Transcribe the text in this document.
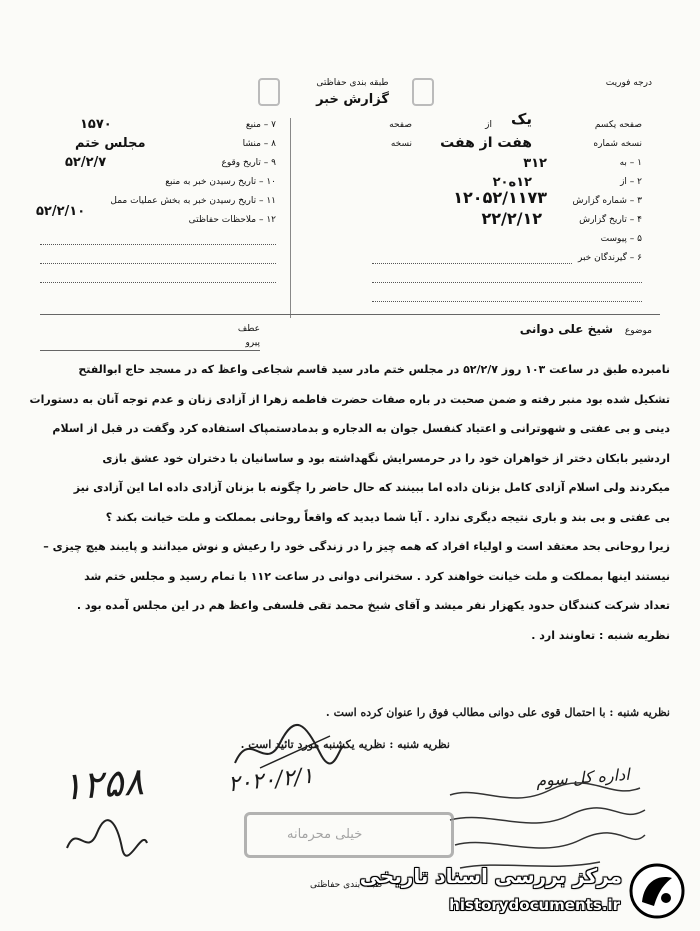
طبقه بندی حفاظتی
گزارش خبر
درجه فوریت
صفحه یکسم
یک
از
صفحه
نسخه شماره
هفت از هفت
نسخه
۱ – به
۳۱۲
۲ – از
۱۲ه۲۰
۳ – شماره گزارش
۱۲۰۵۲/۱۱۷۳
۴ – تاریخ گزارش
۲۲/۲/۱۲
۵ – پیوست
۶ – گیرندگان خبر
۷ – منبع
۱۵۷۰
۸ – منشا
مجلس ختم
۹ – تاریخ وقوع
۵۲/۲/۷
۱۰ – تاریخ رسیدن خبر به منبع
۱۱ – تاریخ رسیدن خبر به بخش عملیات ممل
۵۲/۲/۱۰
۱۲ – ملاحظات حفاظتی
عطف
پیرو
موضوع شیخ علی دوانی

نامبرده طبق در ساعت ۱۰۳ روز ۵۲/۲/۷ در مجلس ختم مادر سید قاسم شجاعی واعظ که در مسجد حاج ابوالفتح

تشکیل شده بود منبر رفته و ضمن صحبت در باره صفات حضرت فاطمه زهرا از آزادی زنان و عدم توجه آنان به دستورات

دینی و بی عفتی و شهوترانی و اعتیاد کنفسل جوان به الدجاره و بدمادستمپاک استفاده کرد وگفت در قبل از اسلام

اردشیر بابکان دختر از خواهران خود را در حرمسرایش نگهداشته بود و ساسانیان با دختران خود عشق بازی

میکردند ولی اسلام آزادی کامل بزنان داده اما ببینند که حال حاضر را چگونه با بزنان آزادی داده اما این آزادی نیز

بی عفتی و بی بند و باری نتیجه دیگری ندارد . آیا شما دیدید که واقعاً روحانی بمملکت و ملت خیانت بکند ؟

زیرا روحانی بحد معتقد است و اولیاء افراد که همه چیز را در زندگی خود را رعیش و نوش میدانند و پایبند هیچ چیزی –

نیستند اینها بمملکت و ملت خیانت خواهند کرد . سخنرانی دوانی در ساعت ۱۱۲ با تمام رسید و مجلس ختم شد

تعداد شرکت کنندگان حدود یکهزار نفر میشد و آقای شیخ محمد تقی فلسفی واعظ هم در این مجلس آمده بود .

نظریه شنبه : تعاونند ارد .

نظریه شنبه : با احتمال قوی علی دوانی مطالب فوق را عنوان کرده است .
نظریه شنبه : نظریه یکشنبه مورد تائید است .
۱۲۵۸	۲۰۲۰/۲/۱	اداره کل سوم
خیلی محرمانه
طبقه بندی حفاظتی
مرکز بررسی اسناد تاریخی
historydocuments.ir
